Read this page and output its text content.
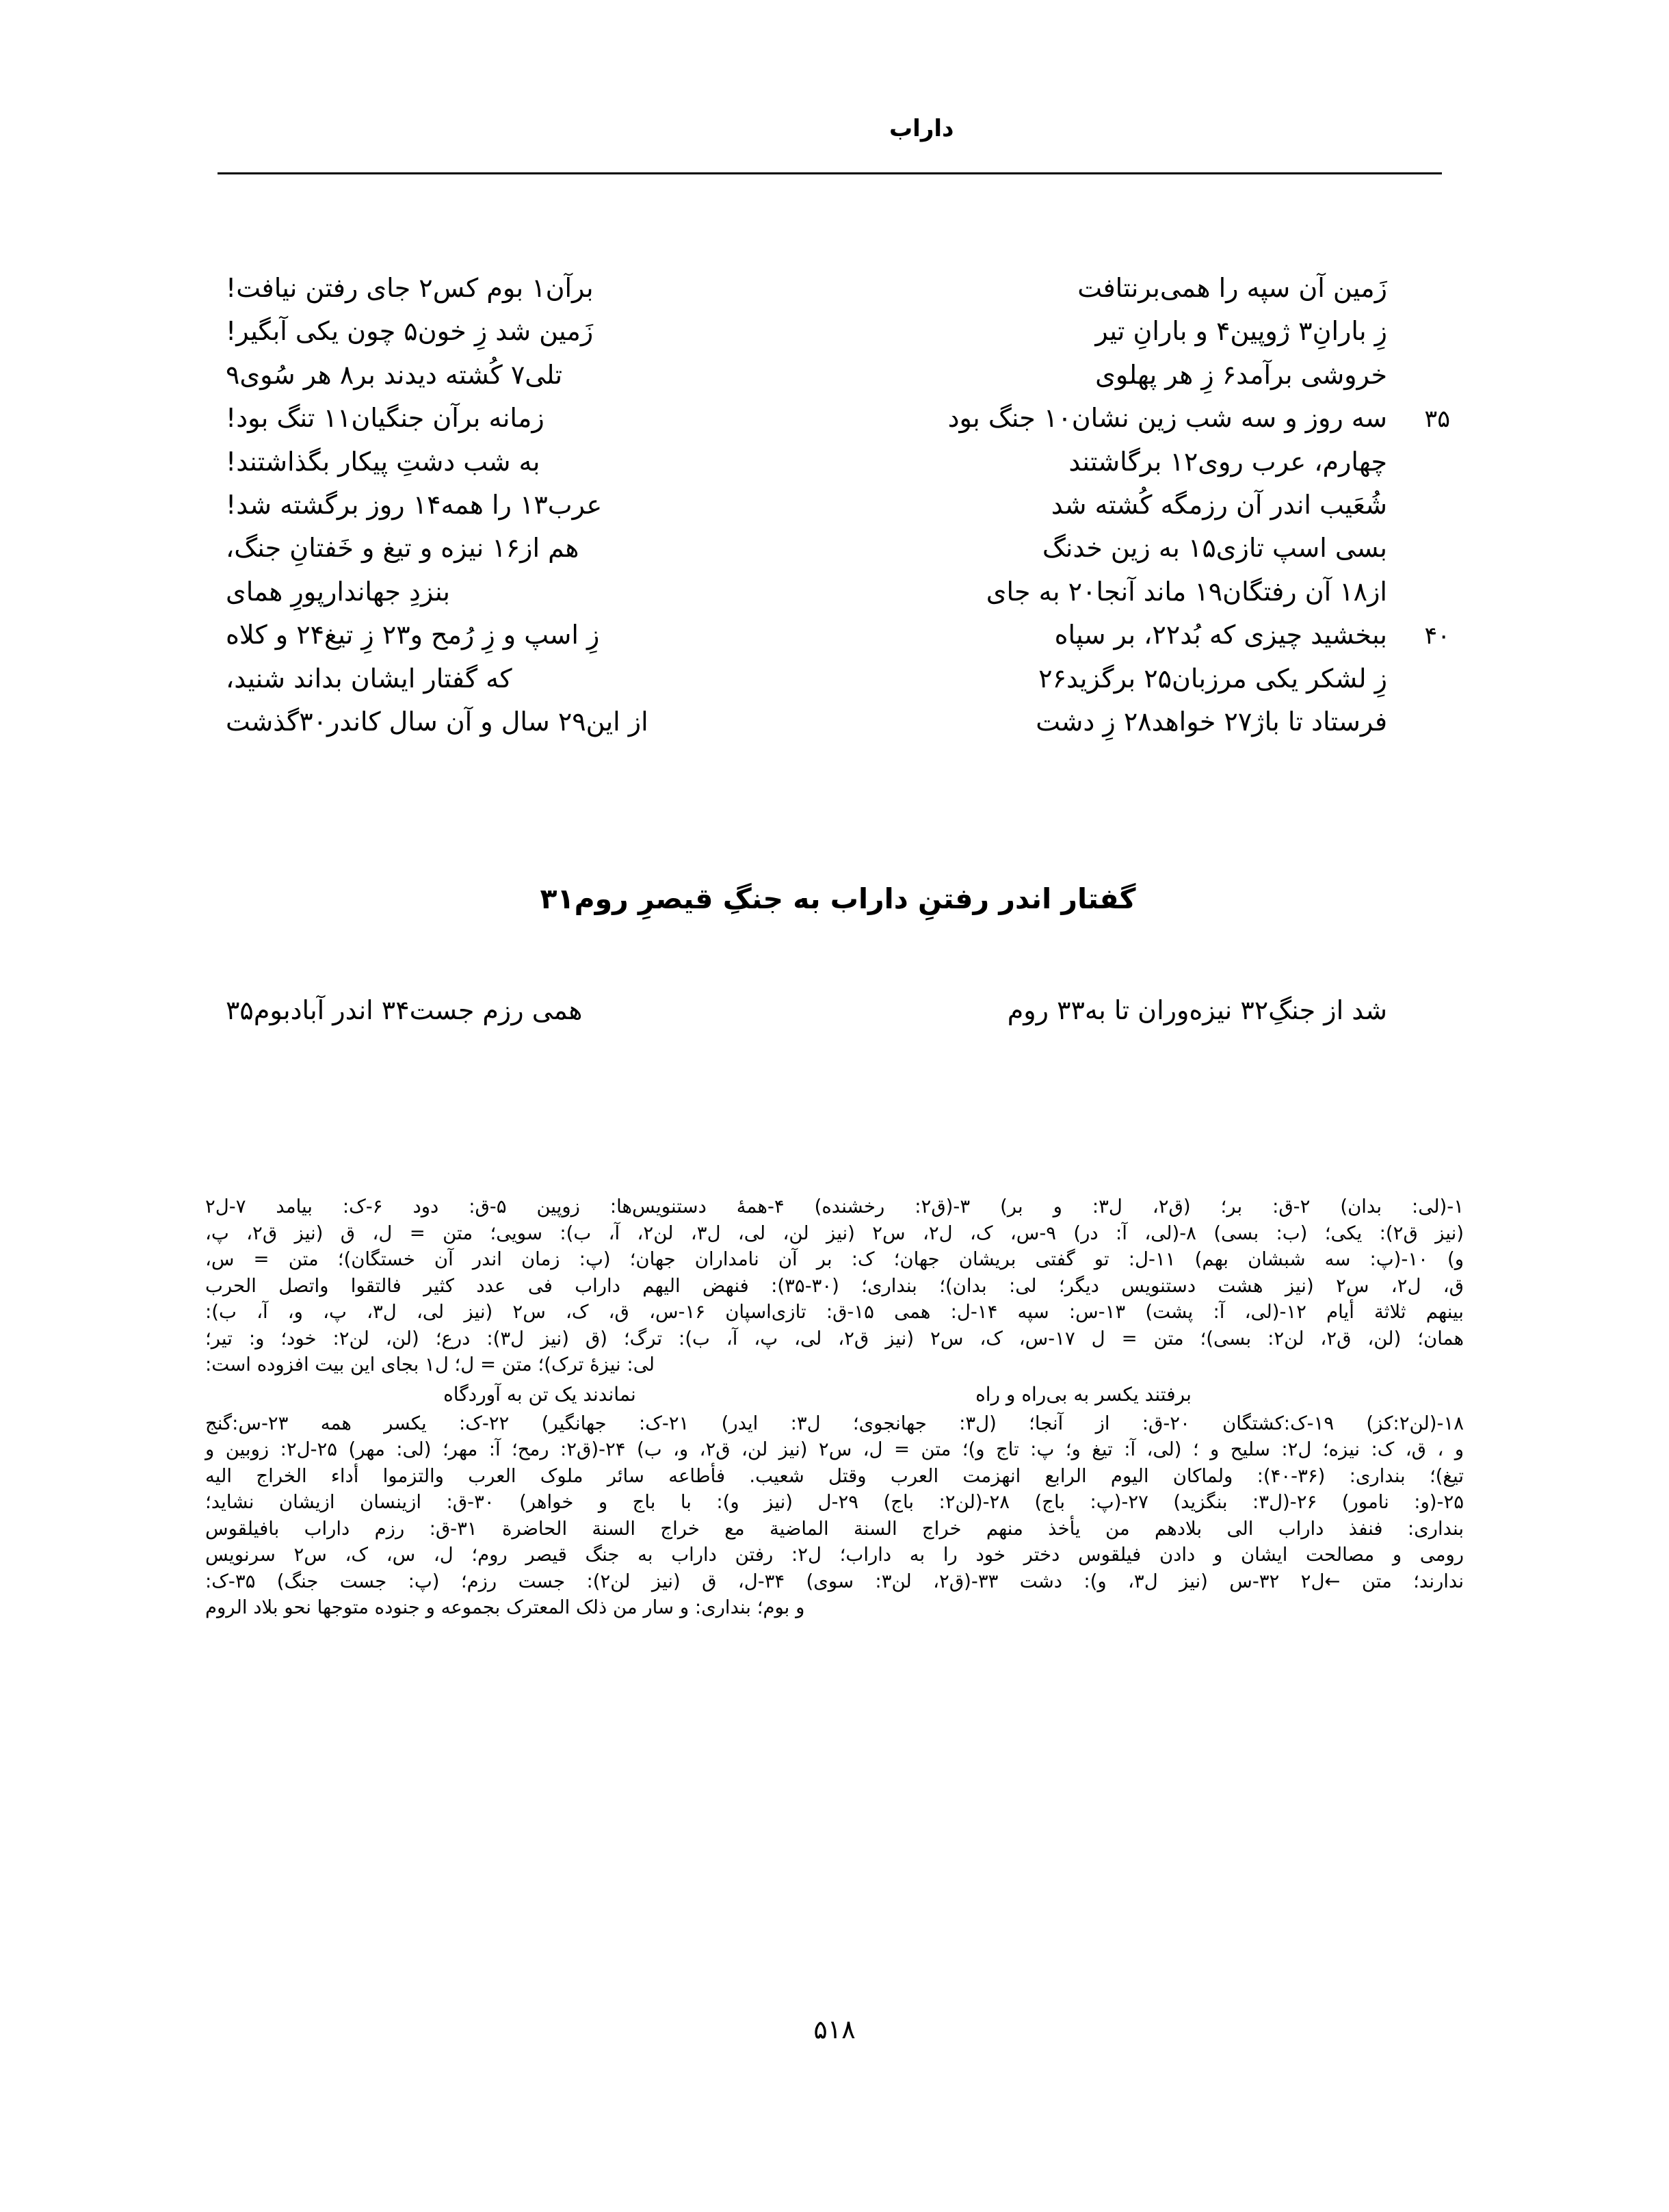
داراب
زَمین آن سپه را همی‌برنتافت
برآن۱ بوم کس۲ جای رفتن نیافت!
زِ بارانِ۳ ژوپین۴ و بارانِ تیر
زَمین شد زِ خون۵ چون یکی آبگیر!
خروشی برآمد۶ زِ هر پهلوی
تلی۷ کُشته دیدند بر۸ هر سُوی۹
۳۵
سه روز و سه شب زین نشان۱۰ جنگ بود
زمانه برآن جنگیان۱۱ تنگ بود!
چهارم، عرب روی۱۲ برگاشتند
به شب دشتِ پیکار بگذاشتند!
شُعَیب اندر آن رزمگه کُشته شد
عرب۱۳ را همه۱۴ روز برگشته شد!
بسی اسپ تازی۱۵ به زین خدنگ
هم از۱۶ نیزه و تیغ و خَفتانِ جنگ،
از۱۸ آن رفتگان۱۹ ماند آنجا۲۰ به جای
بنزدِ جهاندارپورِ همای
۴۰
ببخشید چیزی که بُد۲۲، بر سپاه
زِ اسپ و زِ رُمح و۲۳ زِ تیغ۲۴ و کلاه
زِ لشکر یکی مرزبان۲۵ برگزید۲۶
که گفتار ایشان بداند شنید،
فرستاد تا باژ۲۷ خواهد۲۸ زِ دشت
از این۲۹ سال و آن سال کاندر۳۰گذشت
گفتار اندر رفتنِ داراب به جنگِ قیصرِ روم۳۱
شد از جنگِ۳۲ نیزه‌وران تا به۳۳ روم
همی رزم جست۳۴ اندر آبادبوم۳۵
۱-(لی: بدان) ۲-ق: بر؛ (ق۲، ل۳: و بر) ۳-(ق۲: رخشنده) ۴-همهٔ دستنویس‌ها: زوپین ۵-ق: دود ۶-ک: بیامد ۷-ل۲
(نیز ق۲): یکی؛ (ب: بسی) ۸-(لی، آ: در) ۹-س، ک، ل۲، س۲ (نیز لن، لی، ل۳، لن۲، آ، ب): سویی؛ متن = ل، ق (نیز ق۲، پ،
و) ۱۰-(پ: سه شبشان بهم) ۱۱-ل: تو گفتی بریشان جهان؛ ک: بر آن نامداران جهان؛ (پ: زمان اندر آن خستگان)؛ متن = س،
ق، ل۲، س۲ (نیز هشت دستنویس دیگر؛ لی: بدان)؛ بنداری؛ (۳۰-۳۵): فنهض الیهم داراب فی عدد کثیر فالتقوا واتصل الحرب
بینهم ثلاثة أیام ۱۲-(لی، آ: پشت) ۱۳-س: سپه ۱۴-ل: همی ۱۵-ق: تازی‌اسپان ۱۶-س، ق، ک، س۲ (نیز لی، ل۳، پ، و، آ، ب):
همان؛ (لن، ق۲، لن۲: بسی)؛ متن = ل ۱۷-س، ک، س۲ (نیز ق۲، لی، پ، آ، ب): ترگ؛ (ق (نیز ل۳): درع؛ (لن، لن۲: خود؛ و: تیر؛
لی: نیزهٔ ترک)؛ متن = ل؛ ل۱ بجای این بیت افزوده است:
برفتند یکسر به بی‌راه و راه
نماندند یک تن به آوردگاه
۱۸-(لن۲:کز) ۱۹-ک:کشتگان ۲۰-ق: از آنجا؛ (ل۳: جهانجوی؛ ل۳: ایدر) ۲۱-ک: جهانگیر) ۲۲-ک: یکسر همه ۲۳-س:گنج
و ، ق، ک: نیزه؛ ل۲: سلیح و ؛ (لی، آ: تیغ و؛ پ: تاج و)؛ متن = ل، س۲ (نیز لن، ق۲، و، ب) ۲۴-(ق۲: رمح؛ آ: مهر؛ (لی: مهر) ۲۵-ل۲: زوبین و
تیغ)؛ بنداری: (۳۶-۴۰): ولماکان الیوم الرابع انهزمت العرب وقتل شعیب. فأطاعه سائر ملوک العرب والتزموا أداء الخراج الیه
۲۵-(و: نامور) ۲۶-(ل۳: بنگزید) ۲۷-(پ: باج) ۲۸-(لن۲: باج) ۲۹-ل (نیز و): با باج و خواهر) ۳۰-ق: ازینسان ازیشان نشاید؛
بنداری: فنفذ داراب الی بلادهم من یأخذ منهم خراج السنة الماضیة مع خراج السنة الحاضرة ۳۱-ق: رزم داراب بافیلقوس
رومی و مصالحت ایشان و دادن فیلقوس دختر خود را به داراب؛ ل۲: رفتن داراب به جنگ قیصر روم؛ ل، س، ک، س۲ سرنویس
ندارند؛ متن ←ل۲ ۳۲-س (نیز ل۳، و): دشت ۳۳-(ق۲، لن۳: سوی) ۳۴-ل، ق (نیز لن۲): جست رزم؛ (پ: جست جنگ) ۳۵-ک:
و بوم؛ بنداری: و سار من ذلک المعترک بجموعه و جنوده متوجها نحو بلاد الروم
۵۱۸
